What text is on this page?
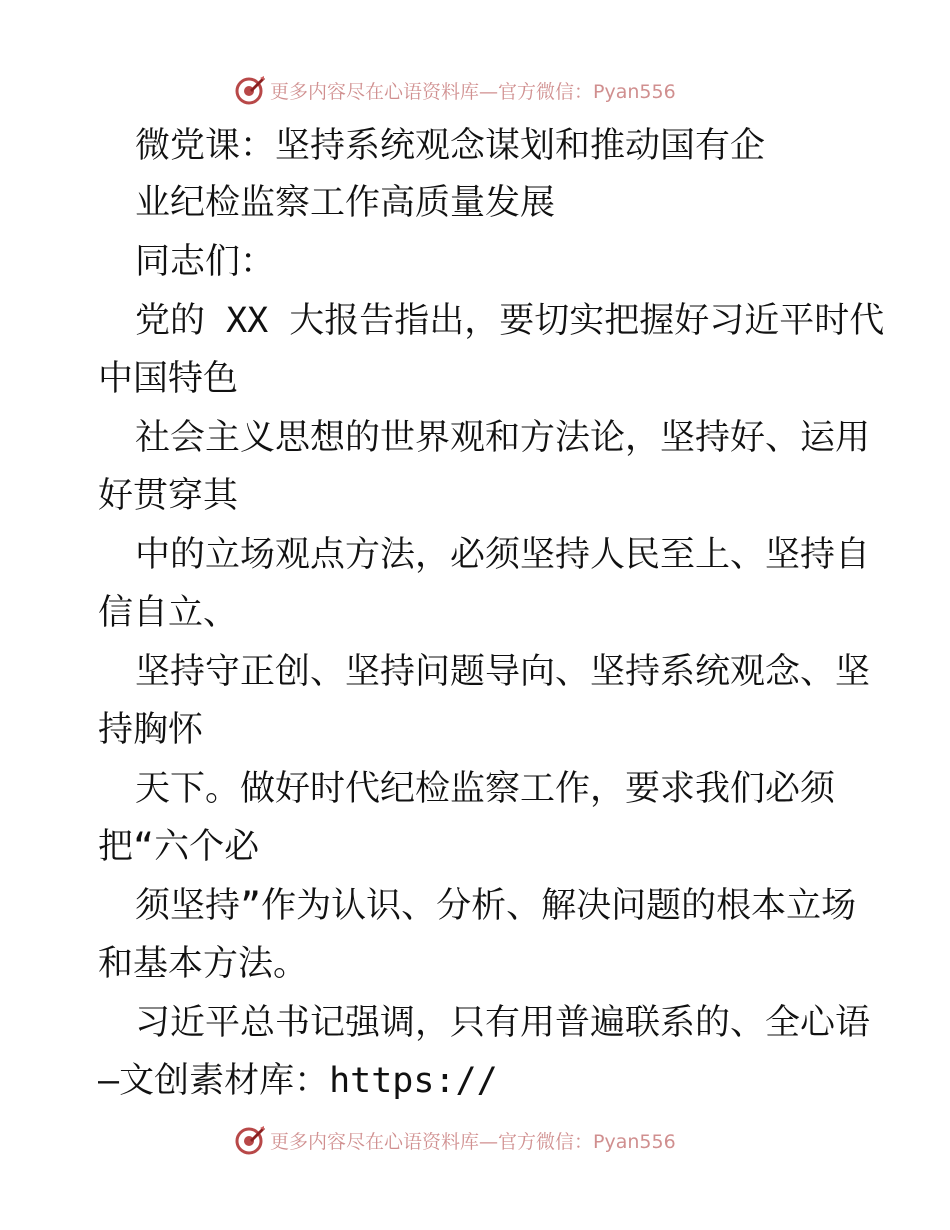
更多内容尽在心语资料库—官方微信：Pyan556
微党课：坚持系统观念谋划和推动国有企
业纪检监察工作高质量发展
同志们：
党的 XX 大报告指出，要切实把握好习近平时代
中国特色
社会主义思想的世界观和方法论，坚持好、运用
好贯穿其
中的立场观点方法，必须坚持人民至上、坚持自
信自立、
坚持守正创、坚持问题导向、坚持系统观念、坚
持胸怀
天下。做好时代纪检监察工作，要求我们必须
把“六个必
须坚持”作为认识、分析、解决问题的根本立场
和基本方法。
习近平总书记强调，只有用普遍联系的、全心语
—文创素材库：https://
更多内容尽在心语资料库—官方微信：Pyan556
